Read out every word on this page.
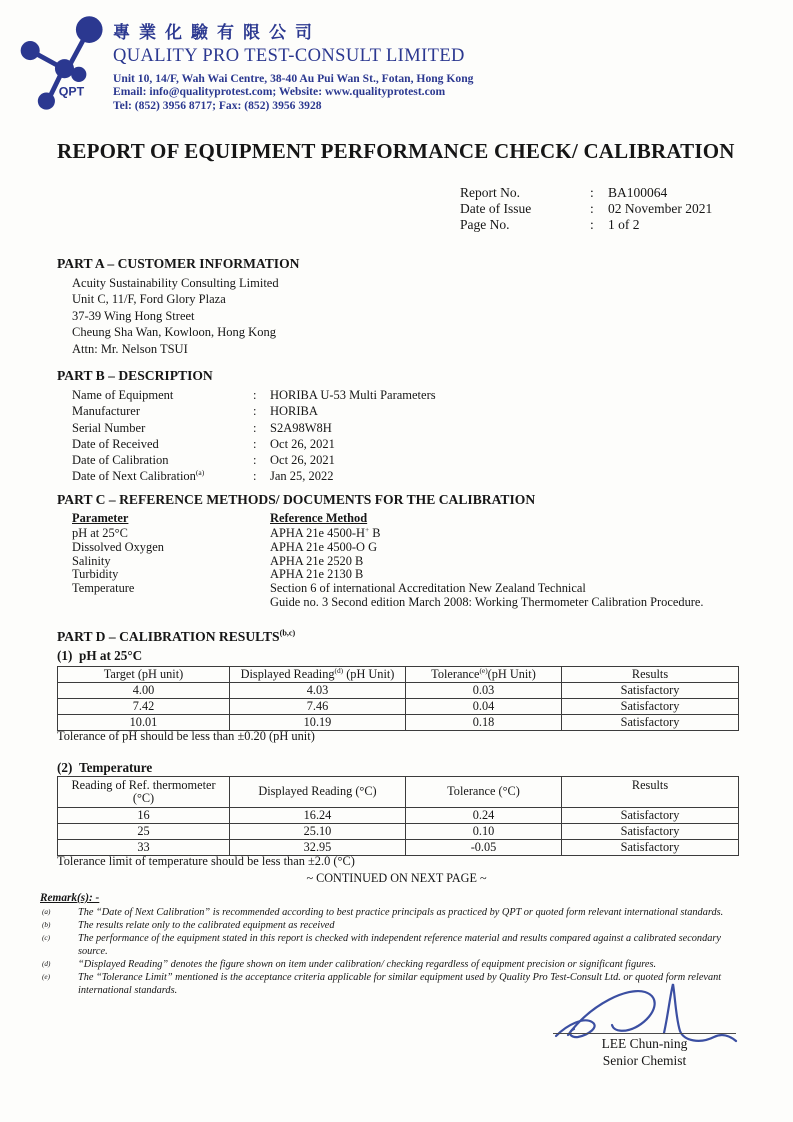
QPT
專業化驗有限公司
QUALITY PRO TEST-CONSULT LIMITED
Unit 10, 14/F, Wah Wai Centre, 38-40 Au Pui Wan St., Fotan, Hong Kong
Email: info@qualityprotest.com; Website: www.qualityprotest.com
Tel: (852) 3956 8717; Fax: (852) 3956 3928
REPORT OF EQUIPMENT PERFORMANCE CHECK/ CALIBRATION
Report No.	:	BA100064
Date of Issue	:	02 November 2021
Page No.	:	1 of 2
PART A – CUSTOMER INFORMATION
Acuity Sustainability Consulting Limited
Unit C, 11/F, Ford Glory Plaza
37-39 Wing Hong Street
Cheung Sha Wan, Kowloon, Hong Kong
Attn: Mr. Nelson TSUI
PART B – DESCRIPTION
Name of Equipment	:	HORIBA U-53 Multi Parameters
Manufacturer	:	HORIBA
Serial Number	:	S2A98W8H
Date of Received	:	Oct 26, 2021
Date of Calibration	:	Oct 26, 2021
Date of Next Calibration$^{(a)}$	:	Jan 25, 2022
PART C – REFERENCE METHODS/ DOCUMENTS FOR THE CALIBRATION
Parameter	Reference Method
pH at 25°C	APHA 21e 4500-H+ B
Dissolved Oxygen	APHA 21e 4500-O G
Salinity	APHA 21e 2520 B
Turbidity	APHA 21e 2130 B
Temperature	Section 6 of international Accreditation New Zealand Technical
Guide no. 3 Second edition March 2008: Working Thermometer Calibration Procedure.
PART D – CALIBRATION RESULTS$^{(b,c)}$
(1) pH at 25°C
Target (pH unit)	Displayed Reading$^{(d)}$ (pH Unit)	Tolerance$^{(e)}$(pH Unit)	Results
4.00	4.03	0.03	Satisfactory
7.42	7.46	0.04	Satisfactory
10.01	10.19	0.18	Satisfactory
Tolerance of pH should be less than ±0.20 (pH unit)
(2) Temperature
Reading of Ref. thermometer
(°C)	Displayed Reading (°C)	Tolerance (°C)	Results
16	16.24	0.24	Satisfactory
25	25.10	0.10	Satisfactory
33	32.95	-0.05	Satisfactory
Tolerance limit of temperature should be less than ±2.0 (°C)
~ CONTINUED ON NEXT PAGE ~
Remark(s): -
(a)	The “Date of Next Calibration” is recommended according to best practice principals as practiced by QPT or quoted form relevant international standards.
(b)	The results relate only to the calibrated equipment as received
(c)	The performance of the equipment stated in this report is checked with independent reference material and results compared against a calibrated secondary source.
(d)	“Displayed Reading” denotes the figure shown on item under calibration/ checking regardless of equipment precision or significant figures.
(e)	The “Tolerance Limit” mentioned is the acceptance criteria applicable for similar equipment used by Quality Pro Test-Consult Ltd. or quoted form relevant international standards.
LEE Chun-ning
Senior Chemist
